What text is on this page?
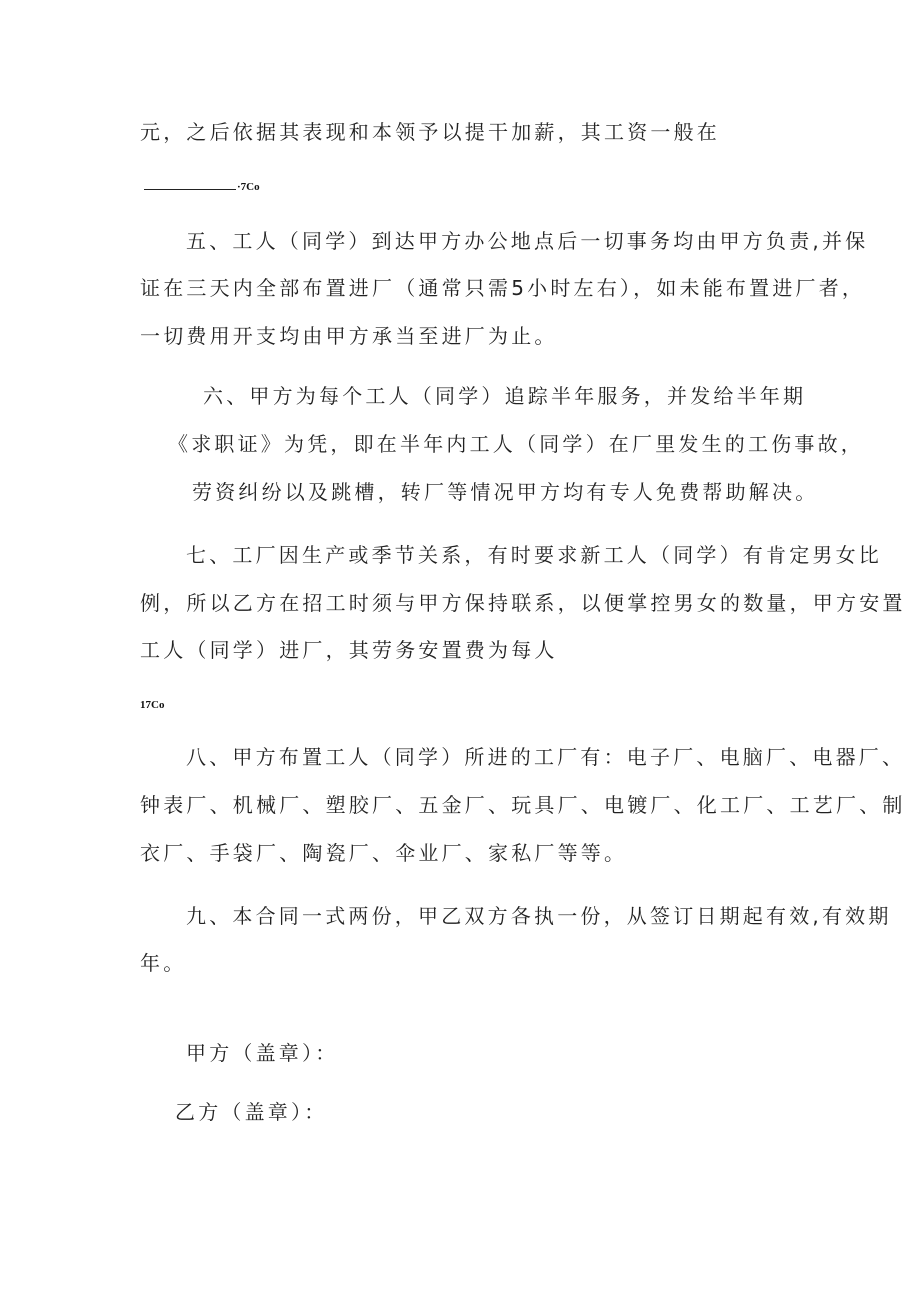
元，之后依据其表现和本领予以提干加薪，其工资一般在
·7Co
五、工人（同学）到达甲方办公地点后一切事务均由甲方负责,并保
证在三天内全部布置进厂（通常只需5小时左右），如未能布置进厂者，
一切费用开支均由甲方承当至进厂为止。
六、甲方为每个工人（同学）追踪半年服务，并发给半年期
《求职证》为凭，即在半年内工人（同学）在厂里发生的工伤事故，
劳资纠纷以及跳槽，转厂等情况甲方均有专人免费帮助解决。
七、工厂因生产或季节关系，有时要求新工人（同学）有肯定男女比
例，所以乙方在招工时须与甲方保持联系，以便掌控男女的数量，甲方安置
工人（同学）进厂，其劳务安置费为每人
17Co
八、甲方布置工人（同学）所进的工厂有：电子厂、电脑厂、电器厂、
钟表厂、机械厂、塑胶厂、五金厂、玩具厂、电镀厂、化工厂、工艺厂、制
衣厂、手袋厂、陶瓷厂、伞业厂、家私厂等等。
九、本合同一式两份，甲乙双方各执一份，从签订日期起有效,有效期
年。
甲方（盖章）：
乙方（盖章）：
